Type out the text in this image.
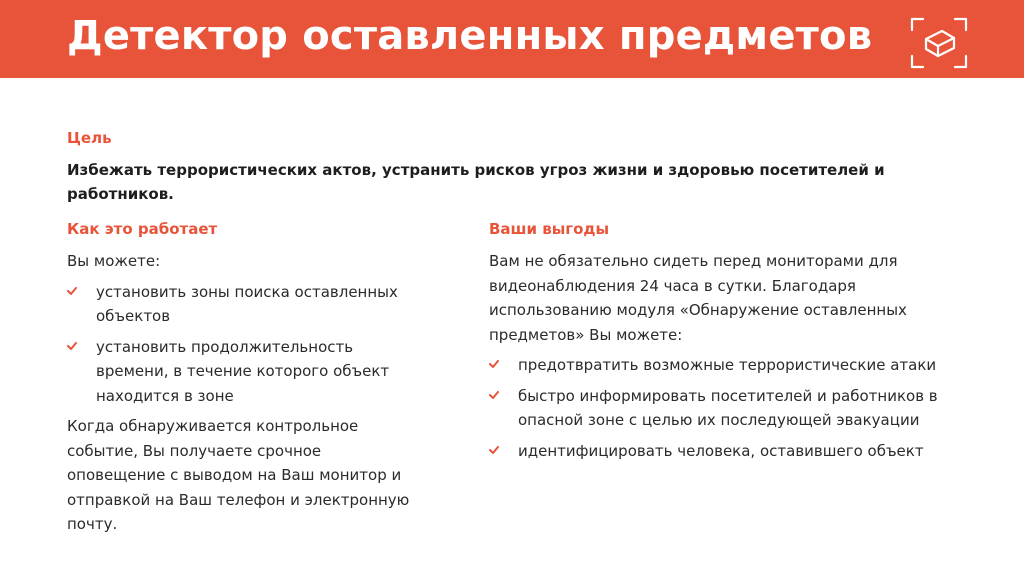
Детектор оставленных предметов
Цель
Избежать террористических актов, устранить рисков угроз жизни и здоровью посетителей и работников.
Как это работает

Вы можете:

установить зоны поиска оставленных объектов
установить продолжительность времени, в течение которого объект находится в зоне

Когда обнаруживается контрольное событие, Вы получаете срочное оповещение с выводом на Ваш монитор и отправкой на Ваш телефон и электронную почту.

Ваши выгоды

Вам не обязательно сидеть перед мониторами для видеонаблюдения 24 часа в сутки. Благодаря использованию модуля «Обнаружение оставленных предметов» Вы можете:

предотвратить возможные террористические атаки
быстро информировать посетителей и работников в опасной зоне с целью их последующей эвакуации
идентифицировать человека, оставившего объект
